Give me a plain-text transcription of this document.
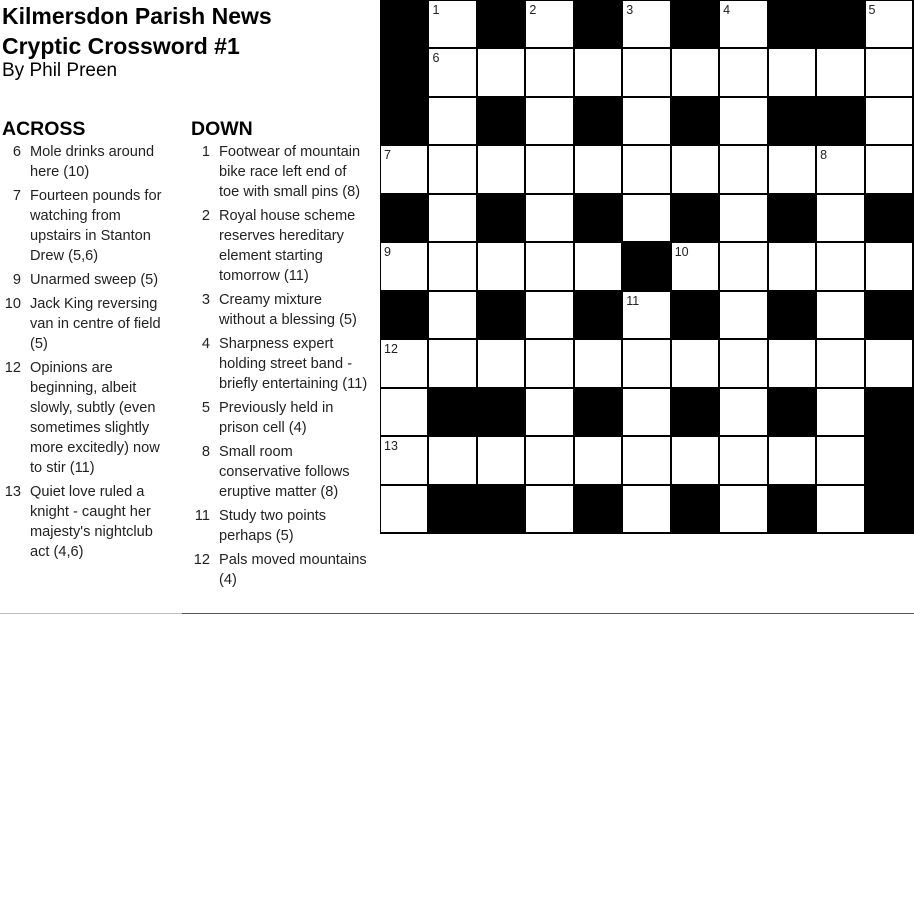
Kilmersdon Parish News
Cryptic Crossword #1
By Phil Preen
ACROSS
6 Mole drinks around here (10)
7 Fourteen pounds for watching from upstairs in Stanton Drew (5,6)
9 Unarmed sweep (5)
10 Jack King reversing van in centre of field (5)
12 Opinions are beginning, albeit slowly, subtly (even sometimes slightly more excitedly) now to stir (11)
13 Quiet love ruled a knight - caught her majesty's nightclub act (4,6)
DOWN
1 Footwear of mountain bike race left end of toe with small pins (8)
2 Royal house scheme reserves hereditary element starting tomorrow (11)
3 Creamy mixture without a blessing (5)
4 Sharpness expert holding street band - briefly entertaining (11)
5 Previously held in prison cell (4)
8 Small room conservative follows eruptive matter (8)
11 Study two points perhaps (5)
12 Pals moved mountains (4)
1	2	3	4	5
6
7	8
9	10
11
12
13
